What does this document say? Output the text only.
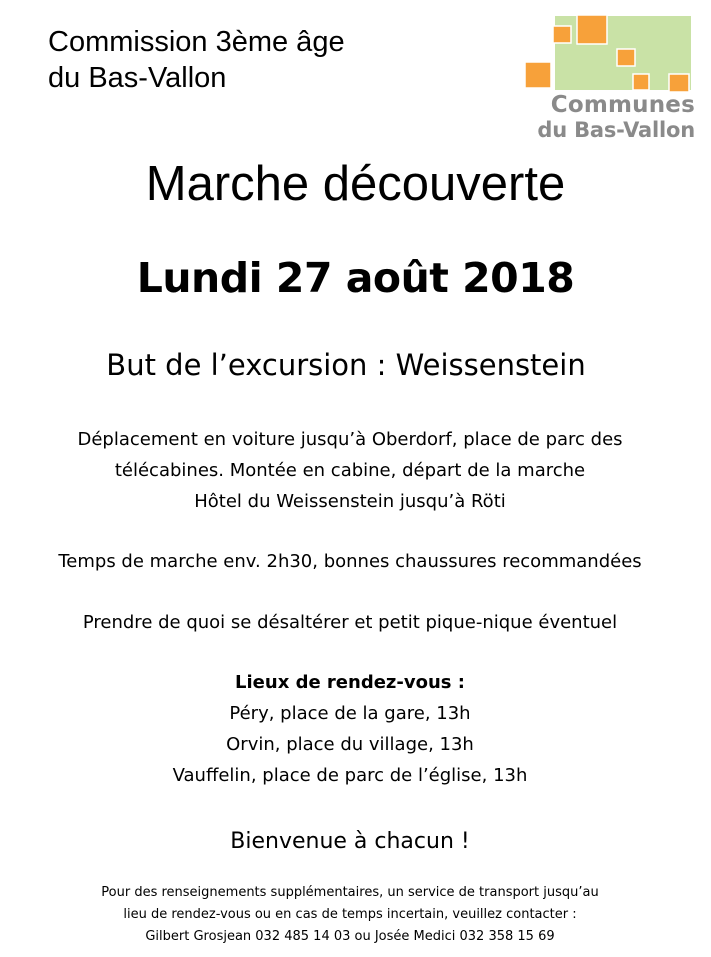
Commission 3ème âge
du Bas-Vallon
Communes
du Bas-Vallon
Marche découverte
Lundi 27 août 2018
But de l’excursion : Weissenstein
Déplacement en voiture jusqu’à Oberdorf, place de parc des
télécabines. Montée en cabine, départ de la marche
Hôtel du Weissenstein jusqu’à Röti
Temps de marche env. 2h30, bonnes chaussures recommandées
Prendre de quoi se désaltérer et petit pique-nique éventuel
Lieux de rendez-vous :
Péry, place de la gare, 13h
Orvin, place du village, 13h
Vauffelin, place de parc de l’église, 13h
Bienvenue à chacun !
Pour des renseignements supplémentaires, un service de transport jusqu’au
lieu de rendez-vous ou en cas de temps incertain, veuillez contacter :
Gilbert Grosjean 032 485 14 03 ou Josée Medici 032 358 15 69
